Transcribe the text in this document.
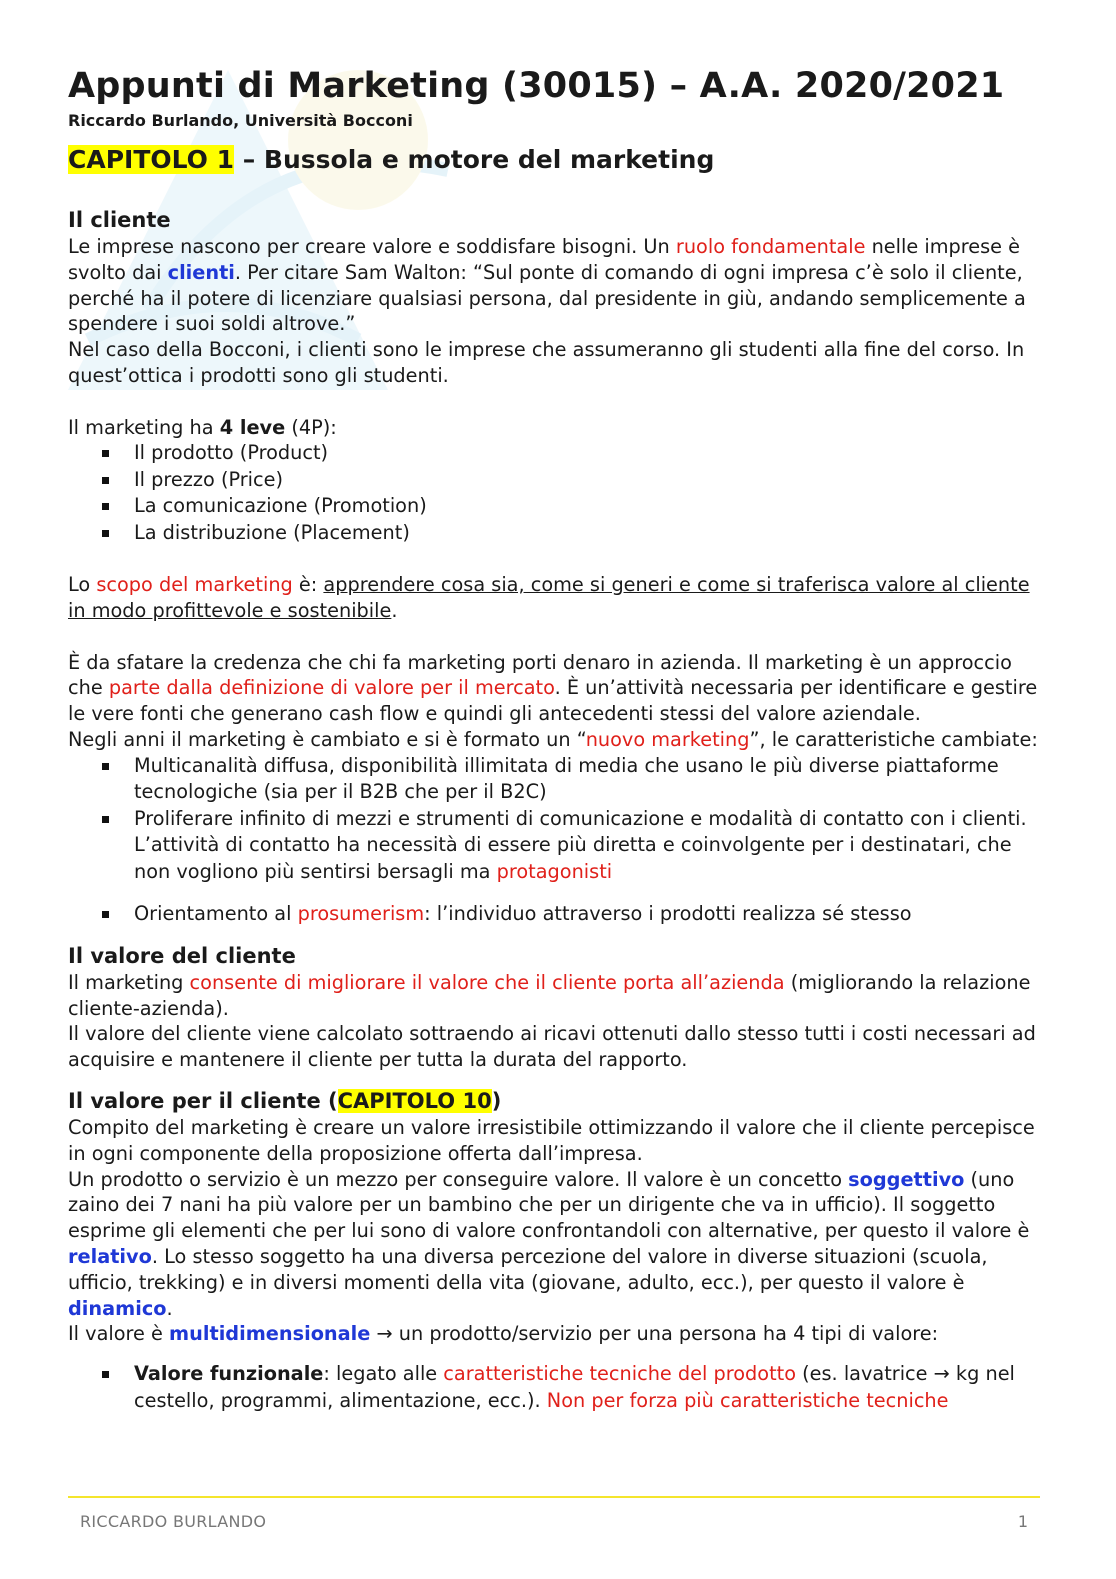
Appunti di Marketing (30015) – A.A. 2020/2021
Riccardo Burlando, Università Bocconi
CAPITOLO 1 – Bussola e motore del marketing
Il cliente

Le imprese nascono per creare valore e soddisfare bisogni. Un ruolo fondamentale nelle imprese è svolto dai clienti. Per citare Sam Walton: “Sul ponte di comando di ogni impresa c’è solo il cliente, perché ha il potere di licenziare qualsiasi persona, dal presidente in giù, andando semplicemente a spendere i suoi soldi altrove.”

Nel caso della Bocconi, i clienti sono le imprese che assumeranno gli studenti alla fine del corso. In quest’ottica i prodotti sono gli studenti.

Il marketing ha 4 leve (4P):

Il prodotto (Product)
Il prezzo (Price)
La comunicazione (Promotion)
La distribuzione (Placement)

Lo scopo del marketing è: apprendere cosa sia, come si generi e come si traferisca valore al cliente in modo profittevole e sostenibile.

È da sfatare la credenza che chi fa marketing porti denaro in azienda. Il marketing è un approccio che parte dalla definizione di valore per il mercato. È un’attività necessaria per identificare e gestire le vere fonti che generano cash flow e quindi gli antecedenti stessi del valore aziendale.

Negli anni il marketing è cambiato e si è formato un “nuovo marketing”, le caratteristiche cambiate:

Multicanalità diffusa, disponibilità illimitata di media che usano le più diverse piattaforme tecnologiche (sia per il B2B che per il B2C)
Proliferare infinito di mezzi e strumenti di comunicazione e modalità di contatto con i clienti. L’attività di contatto ha necessità di essere più diretta e coinvolgente per i destinatari, che non vogliono più sentirsi bersagli ma protagonisti
Orientamento al prosumerism: l’individuo attraverso i prodotti realizza sé stesso
Il valore del cliente

Il marketing consente di migliorare il valore che il cliente porta all’azienda (migliorando la relazione cliente-azienda).

Il valore del cliente viene calcolato sottraendo ai ricavi ottenuti dallo stesso tutti i costi necessari ad acquisire e mantenere il cliente per tutta la durata del rapporto.

Il valore per il cliente (CAPITOLO 10)

Compito del marketing è creare un valore irresistibile ottimizzando il valore che il cliente percepisce in ogni componente della proposizione offerta dall’impresa.

Un prodotto o servizio è un mezzo per conseguire valore. Il valore è un concetto soggettivo (uno zaino dei 7 nani ha più valore per un bambino che per un dirigente che va in ufficio). Il soggetto esprime gli elementi che per lui sono di valore confrontandoli con alternative, per questo il valore è relativo. Lo stesso soggetto ha una diversa percezione del valore in diverse situazioni (scuola, ufficio, trekking) e in diversi momenti della vita (giovane, adulto, ecc.), per questo il valore è dinamico.

Il valore è multidimensionale → un prodotto/servizio per una persona ha 4 tipi di valore:

Valore funzionale: legato alle caratteristiche tecniche del prodotto (es. lavatrice → kg nel cestello, programmi, alimentazione, ecc.). Non per forza più caratteristiche tecniche
RICCARDO BURLANDO	1
